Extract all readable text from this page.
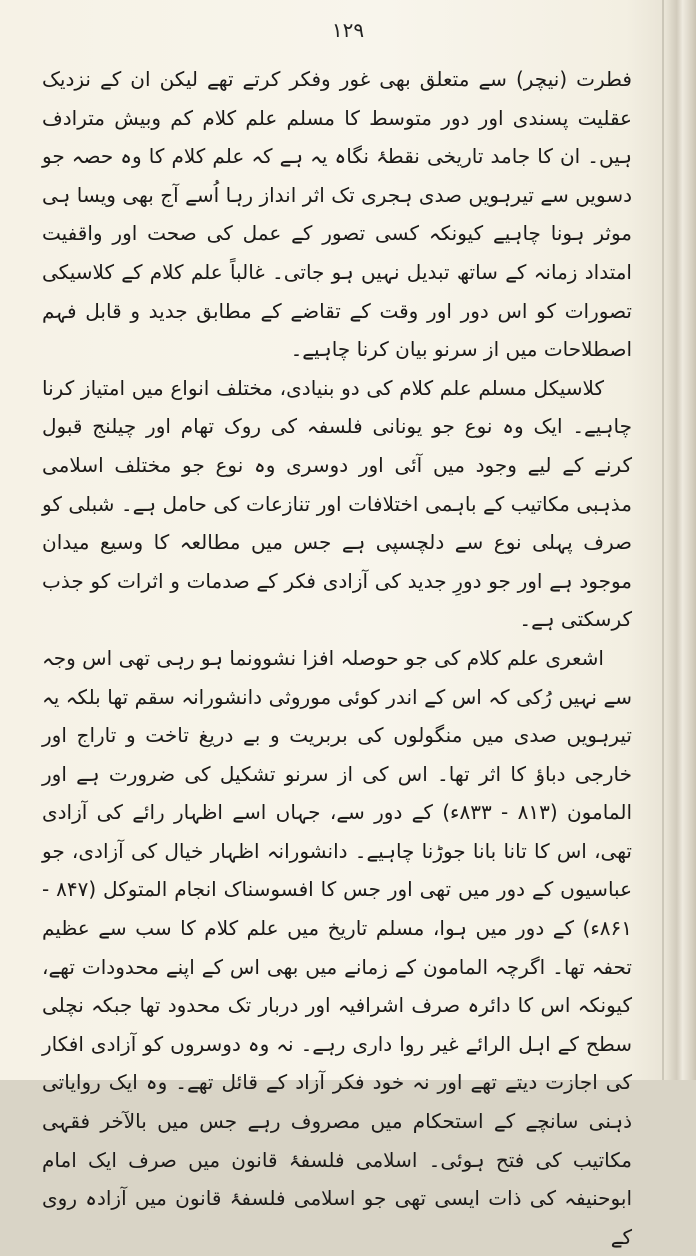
۱۲۹

فطرت (نیچر) سے متعلق بھی غور وفکر کرتے تھے لیکن ان کے نزدیک عقلیت پسندی اور دور متوسط کا مسلم علم کلام کم وبیش مترادف ہیں۔ ان کا جامد تاریخی نقطۂ نگاہ یہ ہے کہ علم کلام کا وہ حصہ جو دسویں سے تیرہویں صدی ہجری تک اثر انداز رہا اُسے آج بھی ویسا ہی موثر ہونا چاہیے کیونکہ کسی تصور کے عمل کی صحت اور واقفیت امتداد زمانہ کے ساتھ تبدیل نہیں ہو جاتی۔ غالباً علم کلام کے کلاسیکی تصورات کو اس دور اور وقت کے تقاضے کے مطابق جدید و قابل فہم اصطلاحات میں از سرنو بیان کرنا چاہیے۔

کلاسیکل مسلم علم کلام کی دو بنیادی، مختلف انواع میں امتیاز کرنا چاہیے۔ ایک وہ نوع جو یونانی فلسفہ کی روک تھام اور چیلنج قبول کرنے کے لیے وجود میں آئی اور دوسری وہ نوع جو مختلف اسلامی مذہبی مکاتیب کے باہمی اختلافات اور تنازعات کی حامل ہے۔ شبلی کو صرف پہلی نوع سے دلچسپی ہے جس میں مطالعہ کا وسیع میدان موجود ہے اور جو دورِ جدید کی آزادی فکر کے صدمات و اثرات کو جذب کرسکتی ہے۔

اشعری علم کلام کی جو حوصلہ افزا نشوونما ہو رہی تھی اس وجہ سے نہیں رُکی کہ اس کے اندر کوئی موروثی دانشورانہ سقم تھا بلکہ یہ تیرہویں صدی میں منگولوں کی بربریت و بے دریغ تاخت و تاراج اور خارجی دباؤ کا اثر تھا۔ اس کی از سرنو تشکیل کی ضرورت ہے اور المامون (۸۱۳ - ۸۳۳ء) کے دور سے، جہاں اسے اظہار رائے کی آزادی تھی، اس کا تانا بانا جوڑنا چاہیے۔ دانشورانہ اظہار خیال کی آزادی، جو عباسیوں کے دور میں تھی اور جس کا افسوسناک انجام المتوکل (۸۴۷ - ۸۶۱ء) کے دور میں ہوا، مسلم تاریخ میں علم کلام کا سب سے عظیم تحفہ تھا۔ اگرچہ المامون کے زمانے میں بھی اس کے اپنے محدودات تھے، کیونکہ اس کا دائرہ صرف اشرافیہ اور دربار تک محدود تھا جبکہ نچلی سطح کے اہل الرائے غیر روا داری رہے۔ نہ وہ دوسروں کو آزادی افکار کی اجازت دیتے تھے اور نہ خود فکر آزاد کے قائل تھے۔ وہ ایک روایاتی ذہنی سانچے کے استحکام میں مصروف رہے جس میں بالآخر فقہی مکاتیب کی فتح ہوئی۔ اسلامی فلسفۂ قانون میں صرف ایک امام ابوحنیفہ کی ذات ایسی تھی جو اسلامی فلسفۂ قانون میں آزادہ روی کے
